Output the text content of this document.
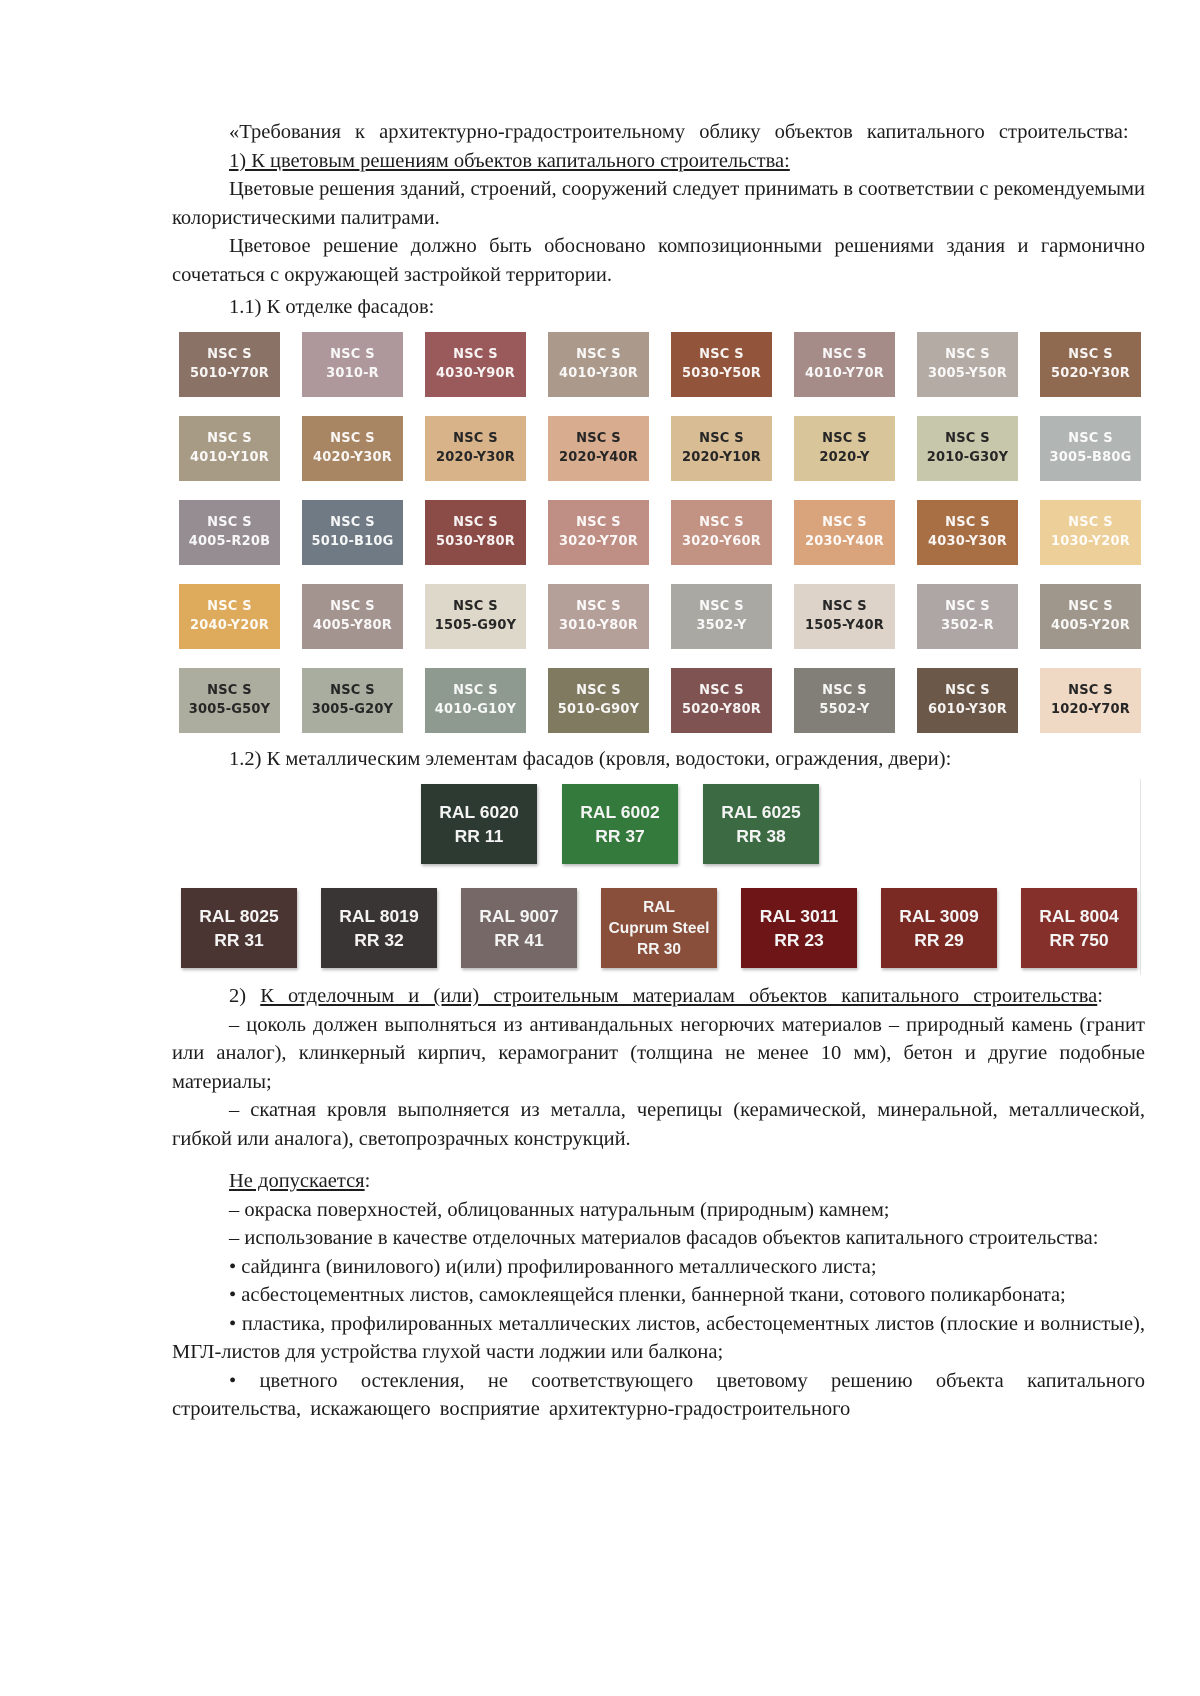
«Требования к архитектурно-градостроительному облику объектов капитального строительства:

1) К цветовым решениям объектов капитального строительства:

Цветовые решения зданий, строений, сооружений следует принимать в соответствии с рекомендуемыми колористическими палитрами.

Цветовое решение должно быть обосновано композиционными решениями здания и гармонично сочетаться с окружающей застройкой территории.

1.1) К отделке фасадов:

NSC S
5010-Y70R
NSC S
3010-R
NSC S
4030-Y90R
NSC S
4010-Y30R
NSC S
5030-Y50R
NSC S
4010-Y70R
NSC S
3005-Y50R
NSC S
5020-Y30R
NSC S
4010-Y10R
NSC S
4020-Y30R
NSC S
2020-Y30R
NSC S
2020-Y40R
NSC S
2020-Y10R
NSC S
2020-Y
NSC S
2010-G30Y
NSC S
3005-B80G
NSC S
4005-R20B
NSC S
5010-B10G
NSC S
5030-Y80R
NSC S
3020-Y70R
NSC S
3020-Y60R
NSC S
2030-Y40R
NSC S
4030-Y30R
NSC S
1030-Y20R
NSC S
2040-Y20R
NSC S
4005-Y80R
NSC S
1505-G90Y
NSC S
3010-Y80R
NSC S
3502-Y
NSC S
1505-Y40R
NSC S
3502-R
NSC S
4005-Y20R
NSC S
3005-G50Y
NSC S
3005-G20Y
NSC S
4010-G10Y
NSC S
5010-G90Y
NSC S
5020-Y80R
NSC S
5502-Y
NSC S
6010-Y30R
NSC S
1020-Y70R

1.2) К металлическим элементам фасадов (кровля, водостоки, ограждения, двери):

RAL 6020
RR 11
RAL 6002
RR 37
RAL 6025
RR 38
RAL 8025
RR 31
RAL 8019
RR 32
RAL 9007
RR 41
RAL
Cuprum Steel
RR 30
RAL 3011
RR 23
RAL 3009
RR 29
RAL 8004
RR 750

2) К отделочным и (или) строительным материалам объектов капитального строительства:

– цоколь должен выполняться из антивандальных негорючих материалов – природный камень (гранит или аналог), клинкерный кирпич, керамогранит (толщина не менее 10 мм), бетон и другие подобные материалы;

– скатная кровля выполняется из металла, черепицы (керамической, минеральной, металлической, гибкой или аналога), светопрозрачных конструкций.

Не допускается:

– окраска поверхностей, облицованных натуральным (природным) камнем;

– использование в качестве отделочных материалов фасадов объектов капитального строительства:

• сайдинга (винилового) и(или) профилированного металлического листа;

• асбестоцементных листов, самоклеящейся пленки, баннерной ткани, сотового поликарбоната;

• пластика, профилированных металлических листов, асбестоцементных листов (плоские и волнистые), МГЛ-листов для устройства глухой части лоджии или балкона;

• цветного остекления, не соответствующего цветовому решению объекта капитального строительства, искажающего восприятие архитектурно-градостроительного
